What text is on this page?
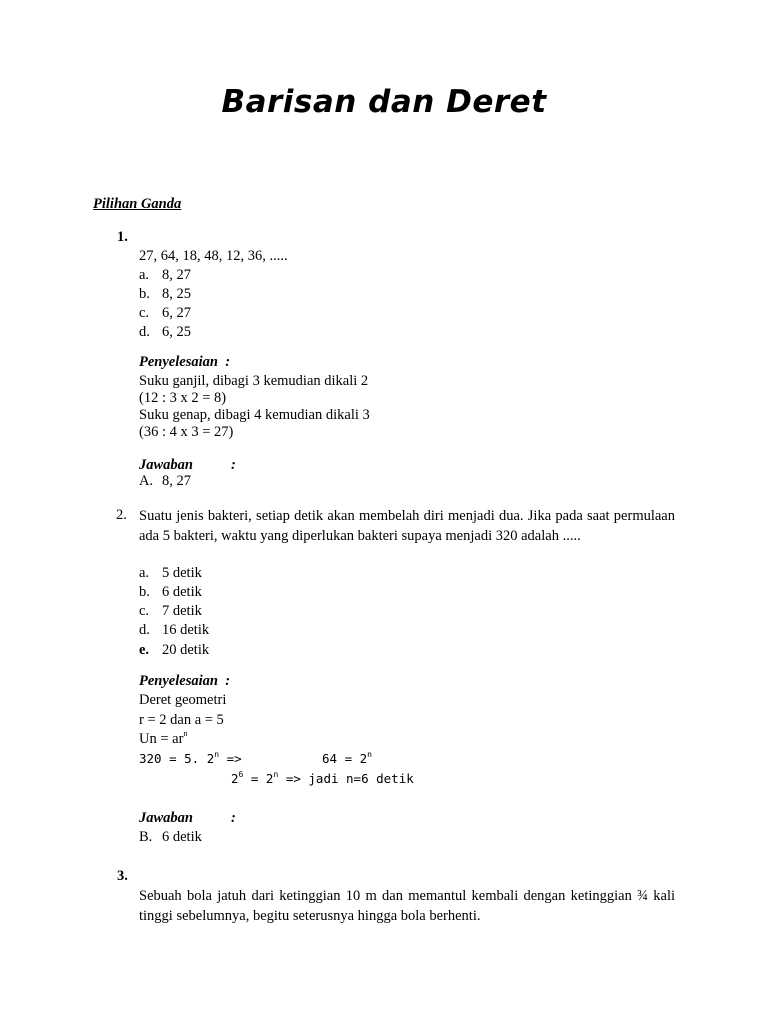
Barisan dan Deret
Pilihan Ganda
1.
27, 64, 18, 48, 12, 36, .....
a. 8, 27
b. 8, 25
c. 6, 27
d. 6, 25
Penyelesaian :
Suku ganjil, dibagi 3 kemudian dikali 2
(12 : 3 x 2 = 8)
Suku genap, dibagi 4 kemudian dikali 3
(36 : 4 x 3 = 27)
Jawaban	:
A. 8, 27
2. Suatu jenis bakteri, setiap detik akan membelah diri menjadi dua. Jika pada saat permulaan ada 5 bakteri, waktu yang diperlukan bakteri supaya menjadi 320 adalah .....
a. 5 detik
b. 6 detik
c. 7 detik
d. 16 detik
e. 20 detik
Penyelesaian :
Deret geometri
r = 2 dan a = 5
$Un = ar^n$
320 = 5. $2^n$ =>	$64 = 2^n$
$2^6 = 2^n$ => jadi n=6 detik
Jawaban	:
B. 6 detik
3.
Sebuah bola jatuh dari ketinggian 10 m dan memantul kembali dengan ketinggian ¾ kali tinggi sebelumnya, begitu seterusnya hingga bola berhenti.
